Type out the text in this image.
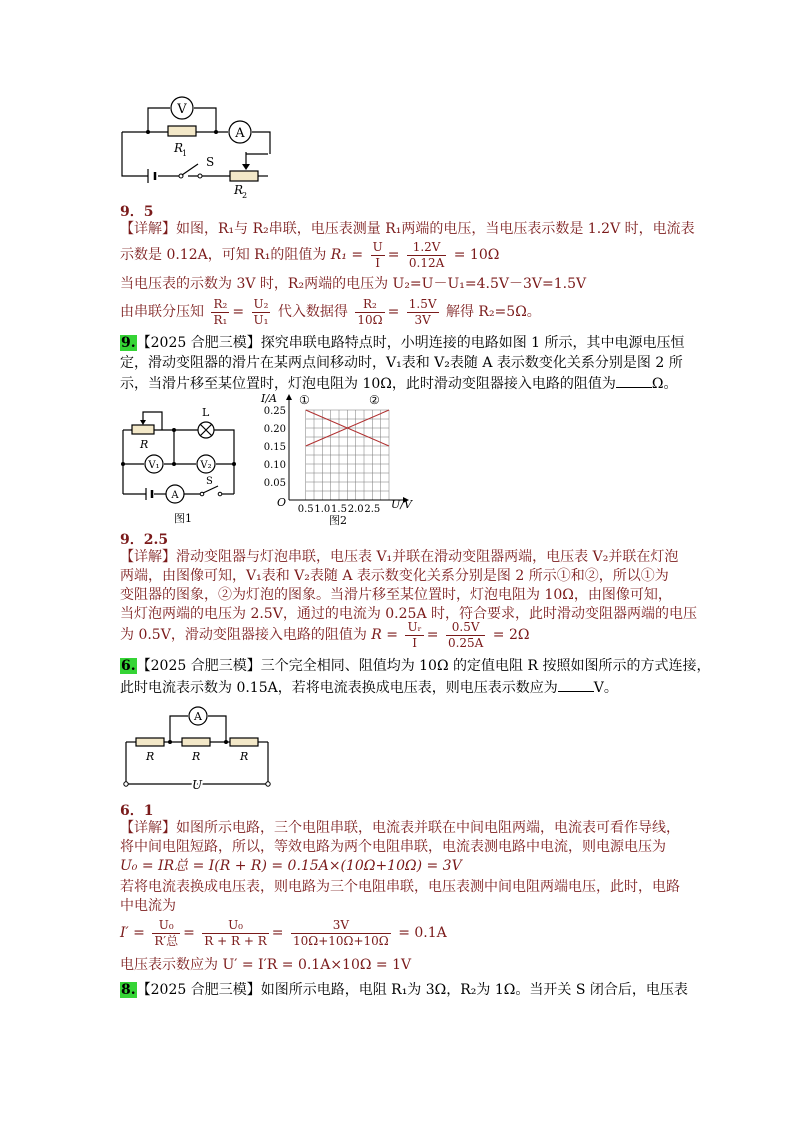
V
A
R
1
S
R
2
9．5
【详解】如图，R₁与 R₂串联，电压表测量 R₁两端的电压，当电压表示数是 1.2V 时，电流表
示数是 0.12A，可知 R₁的阻值为 $R_1 = \frac{U}{I} = \frac{1.2V}{0.12A} = 10\Omega$
当电压表的示数为 3V 时，R₂两端的电压为 U₂=U－U₁=4.5V－3V=1.5V
由串联分压知 $\frac{\text{R₂}}{\text{R₁}} = \frac{\text{U₂}}{\text{U₁}}$ 代入数据得 $\frac{\text{R₂}}{10\Omega} = \frac{1.5V}{3V}$ 解得 R₂=5Ω。
9.【2025 合肥三模】探究串联电路特点时，小明连接的电路如图 1 所示，其中电源电压恒
定，滑动变阻器的滑片在某两点间移动时，V₁表和 V₂表随 A 表示数变化关系分别是图 2 所
示，当滑片移至某位置时，灯泡电阻为 10Ω，此时滑动变阻器接入电路的阻值为	Ω。
R
L
V₁	V₂
A
S
图1
0.25
0.20
0.15
0.10
0.05
0.5 1.0 1.5 2.0 2.5
I/A
U/V
O
①	②
图2
9．2.5
【详解】滑动变阻器与灯泡串联，电压表 V₁并联在滑动变阻器两端，电压表 V₂并联在灯泡
两端，由图像可知，V₁表和 V₂表随 A 表示数变化关系分别是图 2 所示①和②，所以①为
变阻器的图象，②为灯泡的图象。当滑片移至某位置时，灯泡电阻为 10Ω，由图像可知，
当灯泡两端的电压为 2.5V，通过的电流为 0.25A 时，符合要求，此时滑动变阻器两端的电压
为 0.5V，滑动变阻器接入电路的阻值为 $R = \frac{\text{Uᵣ}}{I} = \frac{0.5V}{0.25A} = 2\Omega$
6.【2025 合肥三模】三个完全相同、阻值均为 10Ω 的定值电阻 R 按照如图所示的方式连接，
此时电流表示数为 0.15A，若将电流表换成电压表，则电压表示数应为	V。
A
R	R	R
U
6．1
【详解】如图所示电路，三个电阻串联，电流表并联在中间电阻两端，电流表可看作导线，
将中间电阻短路，所以，等效电路为两个电阻串联，电流表测电路中电流，则电源电压为
U₀ = IR总 = I(R + R) = 0.15A×(10Ω+10Ω) = 3V
若将电流表换成电压表，则电路为三个电阻串联，电压表测中间电阻两端电压，此时，电路
中电流为
$I' = \frac{\text{U₀}}{\text{R′总}} = \frac{\text{U₀}}{R + R + R} = \frac{3V}{10\Omega+10\Omega+10\Omega} = 0.1A$
电压表示数应为 U′ = I′R = 0.1A×10Ω = 1V
8.【2025 合肥三模】如图所示电路，电阻 R₁为 3Ω，R₂为 1Ω。当开关 S 闭合后，电压表
